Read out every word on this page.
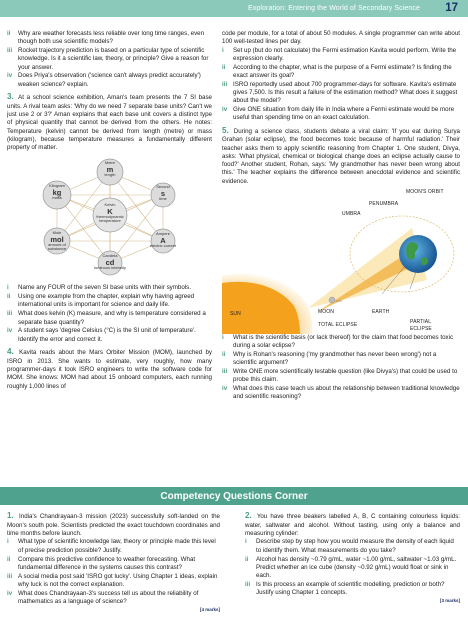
Exploration: Entering the World of Secondary Science 17
ii	Why are weather forecasts less reliable over long time ranges, even though both use scientific models?
iii Rocket trajectory prediction is based on a particular type of scientific knowledge. Is it a scientific law, theory, or principle? Give a reason for your answer.
iv Does Priya's observation ('science can't always predict accurately') weaken science? explain.

3. At a school science exhibition, Aman's team presents the 7 SI base units. A rival team asks: 'Why do we need 7 separate base units? Can't we just use 2 or 3?' Aman explains that each base unit covers a distinct type of physical quantity that cannot be derived from the others. He notes: Temperature (kelvin) cannot be derived from length (metre) or mass (kilogram), because temperature measures a fundamentally different property of matter.

Metre
m
length
Kilogram
kg
mass
Second
s
time
Kelvin
K
thermodynamic temperature
Mole
mol
amount of substance
Ampere
A
electric current
Candela
cd
luminous intensity
i	Name any FOUR of the seven SI base units with their symbols.
ii	Using one example from the chapter, explain why having agreed international units is important for science and daily life.
iii What does kelvin (K) measure, and why is temperature considered a separate base quantity?
iv A student says 'degree Celsius (°C) is the SI unit of temperature'. Identify the error and correct it.

4. Kavita reads about the Mars Orbiter Mission (MOM), launched by ISRO in 2013. She wants to estimate, very roughly, how many programmer-days it took ISRO engineers to write the software code for MOM. She knows: MOM had about 15 onboard computers, each running roughly 1,000 lines of

code per module, for a total of about 50 modules. A single programmer can write about 100 well-tested lines per day.

i	Set up (but do not calculate) the Fermi estimation Kavita would perform. Write the expression clearly.
ii	According to the chapter, what is the purpose of a Fermi estimate? Is finding the exact answer its goal?
iii ISRO reportedly used about 700 programmer-days for software. Kavita's estimate gives 7,500. Is this result a failure of the estimation method? What does it suggest about the model?
iv Give ONE situation from daily life in India where a Fermi estimate would be more useful than spending time on an exact calculation.

5. During a science class, students debate a viral claim: 'If you eat during Surya Grahan (solar eclipse), the food becomes toxic because of harmful radiation.' Their teacher asks them to apply scientific reasoning from Chapter 1. One student, Divya, asks: 'What physical, chemical or biological change does an eclipse actually cause to food?' Another student, Rohan, says: 'My grandmother has never been wrong about this.' The teacher explains the difference between anecdotal evidence and scientific evidence.

MOON'S ORBIT
PENUMBRA
UMBRA
SUN	MOON	EARTH
TOTAL ECLIPSE	PARTIAL ECLIPSE
i	What is the scientific basis (or lack thereof) for the claim that food becomes toxic during a solar eclipse?
ii	Why is Rohan's reasoning ('my grandmother has never been wrong') not a scientific argument?
iii Write ONE more scientifically testable question (like Divya's) that could be used to probe this claim.
iv What does this case teach us about the relationship between traditional knowledge and scientific reasoning?
Competency Questions Corner

1. India's Chandrayaan-3 mission (2023) successfully soft-landed on the Moon's south pole. Scientists predicted the exact touchdown coordinates and time months before launch.

i	What type of scientific knowledge law, theory or principle made this level of precise prediction possible? Justify.
ii	Compare this predictive confidence to weather forecasting. What fundamental difference in the systems causes this contrast?
iii A social media post said 'ISRO got lucky'. Using Chapter 1 ideas, explain why luck is not the correct explanation.
iv What does Chandrayaan-3's success tell us about the reliability of mathematics as a language of science?
[4 marks]

2. You have three beakers labelled A, B, C containing colourless liquids: water, saltwater and alcohol. Without tasting, using only a balance and measuring cylinder:

i	Describe step by step how you would measure the density of each liquid to identify them. What measurements do you take?
ii	Alcohol has density ~0.79 g/mL, water ~1.00 g/mL, saltwater ~1.03 g/mL. Predict whether an ice cube (density ~0.92 g/mL) would float or sink in each.
iii Is this process an example of scientific modelling, prediction or both? Justify using Chapter 1 concepts.
[3 marks]
